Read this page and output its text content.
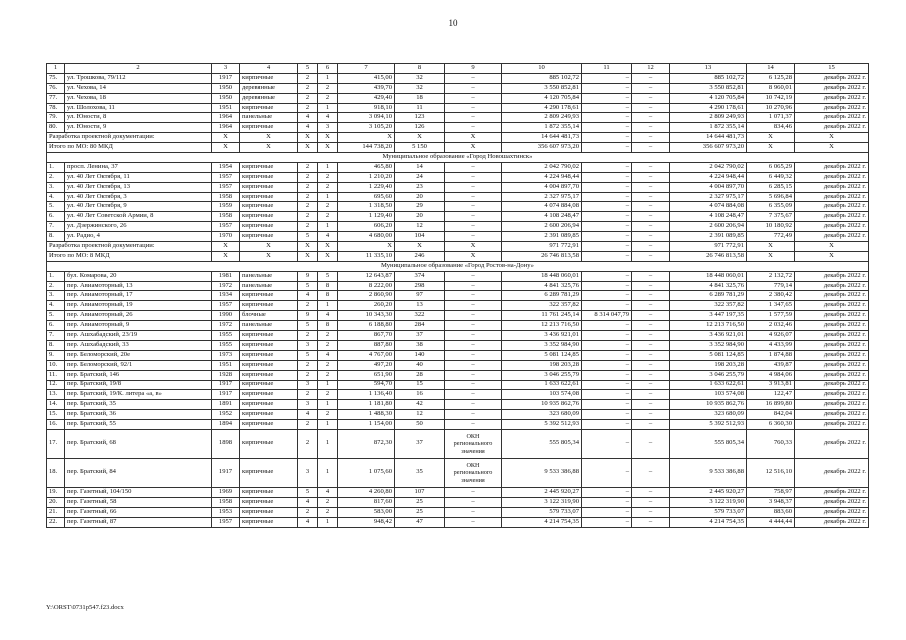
10
1	2	3	4	5	6	7	8	9	10	11	12	13	14	15
75.	ул. Трошкова, 79/112	1917	кирпичные	2	1	415,00	32	–	885 102,72	–	–	885 102,72	6 125,28	декабрь 2022 г.
76.	ул. Чехова, 14	1950	деревянные	2	2	439,70	32	–	3 550 852,81	–	–	3 550 852,81	8 960,01	декабрь 2022 г.
77.	ул. Чехова, 18	1950	деревянные	2	2	429,40	18	–	4 120 705,84	–	–	4 120 705,84	10 742,19	декабрь 2022 г.
78.	ул. Шолохова, 11	1951	кирпичные	2	1	918,10	11	–	4 290 178,61	–	–	4 290 178,61	10 270,96	декабрь 2022 г.
79.	ул. Юности, 8	1964	панельные	4	4	3 094,10	123	–	2 809 249,93	–	–	2 809 249,93	1 071,37	декабрь 2022 г.
80.	ул. Юности, 9	1964	кирпичные	4	3	3 105,20	126	–	1 872 355,14	–	–	1 872 355,14	834,46	декабрь 2022 г.
Разработка проектной документации:		X	X	X	X	X	X	X	14 644 481,73	–	–	14 644 481,73	X	X
Итого по МО: 80 МКД		X	X	X	X	144 738,20	5 150	X	356 607 973,20	–	–	356 607 973,20	X	X
Муниципальное образование «Город Новошахтинск»														
1.	просп. Ленина, 37	1954	кирпичные	2	1	465,80	14	–	2 042 790,02	–	–	2 042 790,02	6 065,29	декабрь 2022 г.
2.	ул. 40 Лет Октября, 11	1957	кирпичные	2	2	1 210,20	24	–	4 224 948,44	–	–	4 224 948,44	6 449,32	декабрь 2022 г.
3.	ул. 40 Лет Октября, 13	1957	кирпичные	2	2	1 229,40	23	–	4 004 897,70	–	–	4 004 897,70	6 285,15	декабрь 2022 г.
4.	ул. 40 Лет Октября, 3	1958	кирпичные	2	1	695,60	20	–	2 327 975,17	–	–	2 327 975,17	5 696,84	декабрь 2022 г.
5.	ул. 40 Лет Октября, 9	1959	кирпичные	2	2	1 318,50	29	–	4 074 884,08	–	–	4 074 884,08	6 355,09	декабрь 2022 г.
6.	ул. 40 Лет Советской Армии, 8	1958	кирпичные	2	2	1 129,40	20	–	4 108 248,47	–	–	4 108 248,47	7 375,67	декабрь 2022 г.
7.	ул. Дзержинского, 26	1957	кирпичные	2	1	606,20	12	–	2 600 206,94	–	–	2 600 206,94	10 180,92	декабрь 2022 г.
8.	ул. Радио, 4	1970	кирпичные	5	4	4 680,00	104	–	2 391 089,85	–	–	2 391 089,85	772,49	декабрь 2022 г.
Разработка проектной документации:		X	X	X	X	X	X	X	971 772,91	–	–	971 772,91	X	X
Итого по МО: 8 МКД		X	X	X	X	11 335,10	246	X	26 746 813,58	–	–	26 746 813,58	X	X
Муниципальное образование «Город Ростов-на-Дону»														
1.	бул. Комарова, 20	1981	панельные	9	5	12 643,87	374	–	18 448 060,01	–	–	18 448 060,01	2 132,72	декабрь 2022 г.
2.	пер. Авиамоторный, 13	1972	панельные	5	8	8 222,00	298	–	4 841 325,76	–	–	4 841 325,76	779,14	декабрь 2022 г.
3.	пер. Авиамоторный, 17	1934	кирпичные	4	8	2 860,90	97	–	6 289 781,29	–	–	6 289 781,29	2 380,42	декабрь 2022 г.
4.	пер. Авиамоторный, 19	1957	кирпичные	2	1	260,20	13	–	322 357,82	–	–	322 357,82	1 347,65	декабрь 2022 г.
5.	пер. Авиамоторный, 26	1990	блочные	9	4	10 343,30	322	–	11 761 245,14	8 314 047,79	–	3 447 197,35	1 577,59	декабрь 2022 г.
6.	пер. Авиамоторный, 9	1972	панельные	5	8	6 188,80	284	–	12 213 716,50	–	–	12 213 716,50	2 032,46	декабрь 2022 г.
7.	пер. Ашхабадский, 23/19	1955	кирпичные	2	2	867,70	37	–	3 436 921,01	–	–	3 436 921,01	4 926,07	декабрь 2022 г.
8.	пер. Ашхабадский, 33	1955	кирпичные	3	2	887,80	38	–	3 352 984,90	–	–	3 352 984,90	4 433,99	декабрь 2022 г.
9.	пер. Беломорский, 20е	1973	кирпичные	5	4	4 767,00	140	–	5 081 124,85	–	–	5 081 124,85	1 874,88	декабрь 2022 г.
10.	пер. Беломорский, 92/1	1951	кирпичные	2	2	497,20	40	–	198 203,28	–	–	198 203,28	439,87	декабрь 2022 г.
11.	пер. Братский, 146	1928	кирпичные	2	2	651,90	28	–	3 046 255,79	–	–	3 046 255,79	4 984,06	декабрь 2022 г.
12.	пер. Братский, 19/8	1917	кирпичные	3	1	594,70	15	–	1 633 622,61	–	–	1 633 622,61	3 913,81	декабрь 2022 г.
13.	пер. Братский, 19/К. литера «а, в»	1917	кирпичные	2	2	1 136,40	16	–	103 574,08	–	–	103 574,08	122,47	декабрь 2022 г.
14.	пер. Братский, 35	1891	кирпичные	3	1	1 181,80	42	–	10 935 862,76	–	–	10 935 862,76	16 899,80	декабрь 2022 г.
15.	пер. Братский, 36	1952	кирпичные	4	2	1 488,30	12	–	323 680,09	–	–	323 680,09	842,04	декабрь 2022 г.
16.	пер. Братский, 55	1894	кирпичные	2	1	1 154,00	50	–	5 392 512,93	–	–	5 392 512,93	6 360,30	декабрь 2022 г.
17.	пер. Братский, 68	1898	кирпичные	2	1	872,30	37	ОКН регионального значения	555 805,34	–	–	555 805,34	760,33	декабрь 2022 г.
18.	пер. Братский, 84	1917	кирпичные	3	1	1 075,60	35	ОКН регионального значения	9 533 386,88	–	–	9 533 386,88	12 516,10	декабрь 2022 г.
19.	пер. Газетный, 104/150	1969	кирпичные	5	4	4 260,80	107	–	2 445 920,27	–	–	2 445 920,27	758,97	декабрь 2022 г.
20.	пер. Газетный, 58	1958	кирпичные	4	2	817,60	25	–	3 122 319,90	–	–	3 122 319,90	3 948,37	декабрь 2022 г.
21.	пер. Газетный, 66	1953	кирпичные	2	2	583,00	25	–	579 733,07	–	–	579 733,07	883,60	декабрь 2022 г.
22.	пер. Газетный, 87	1957	кирпичные	4	1	948,42	47	–	4 214 754,35	–	–	4 214 754,35	4 444,44	декабрь 2022 г.
Y:\ORST\0731p547.f23.docx
